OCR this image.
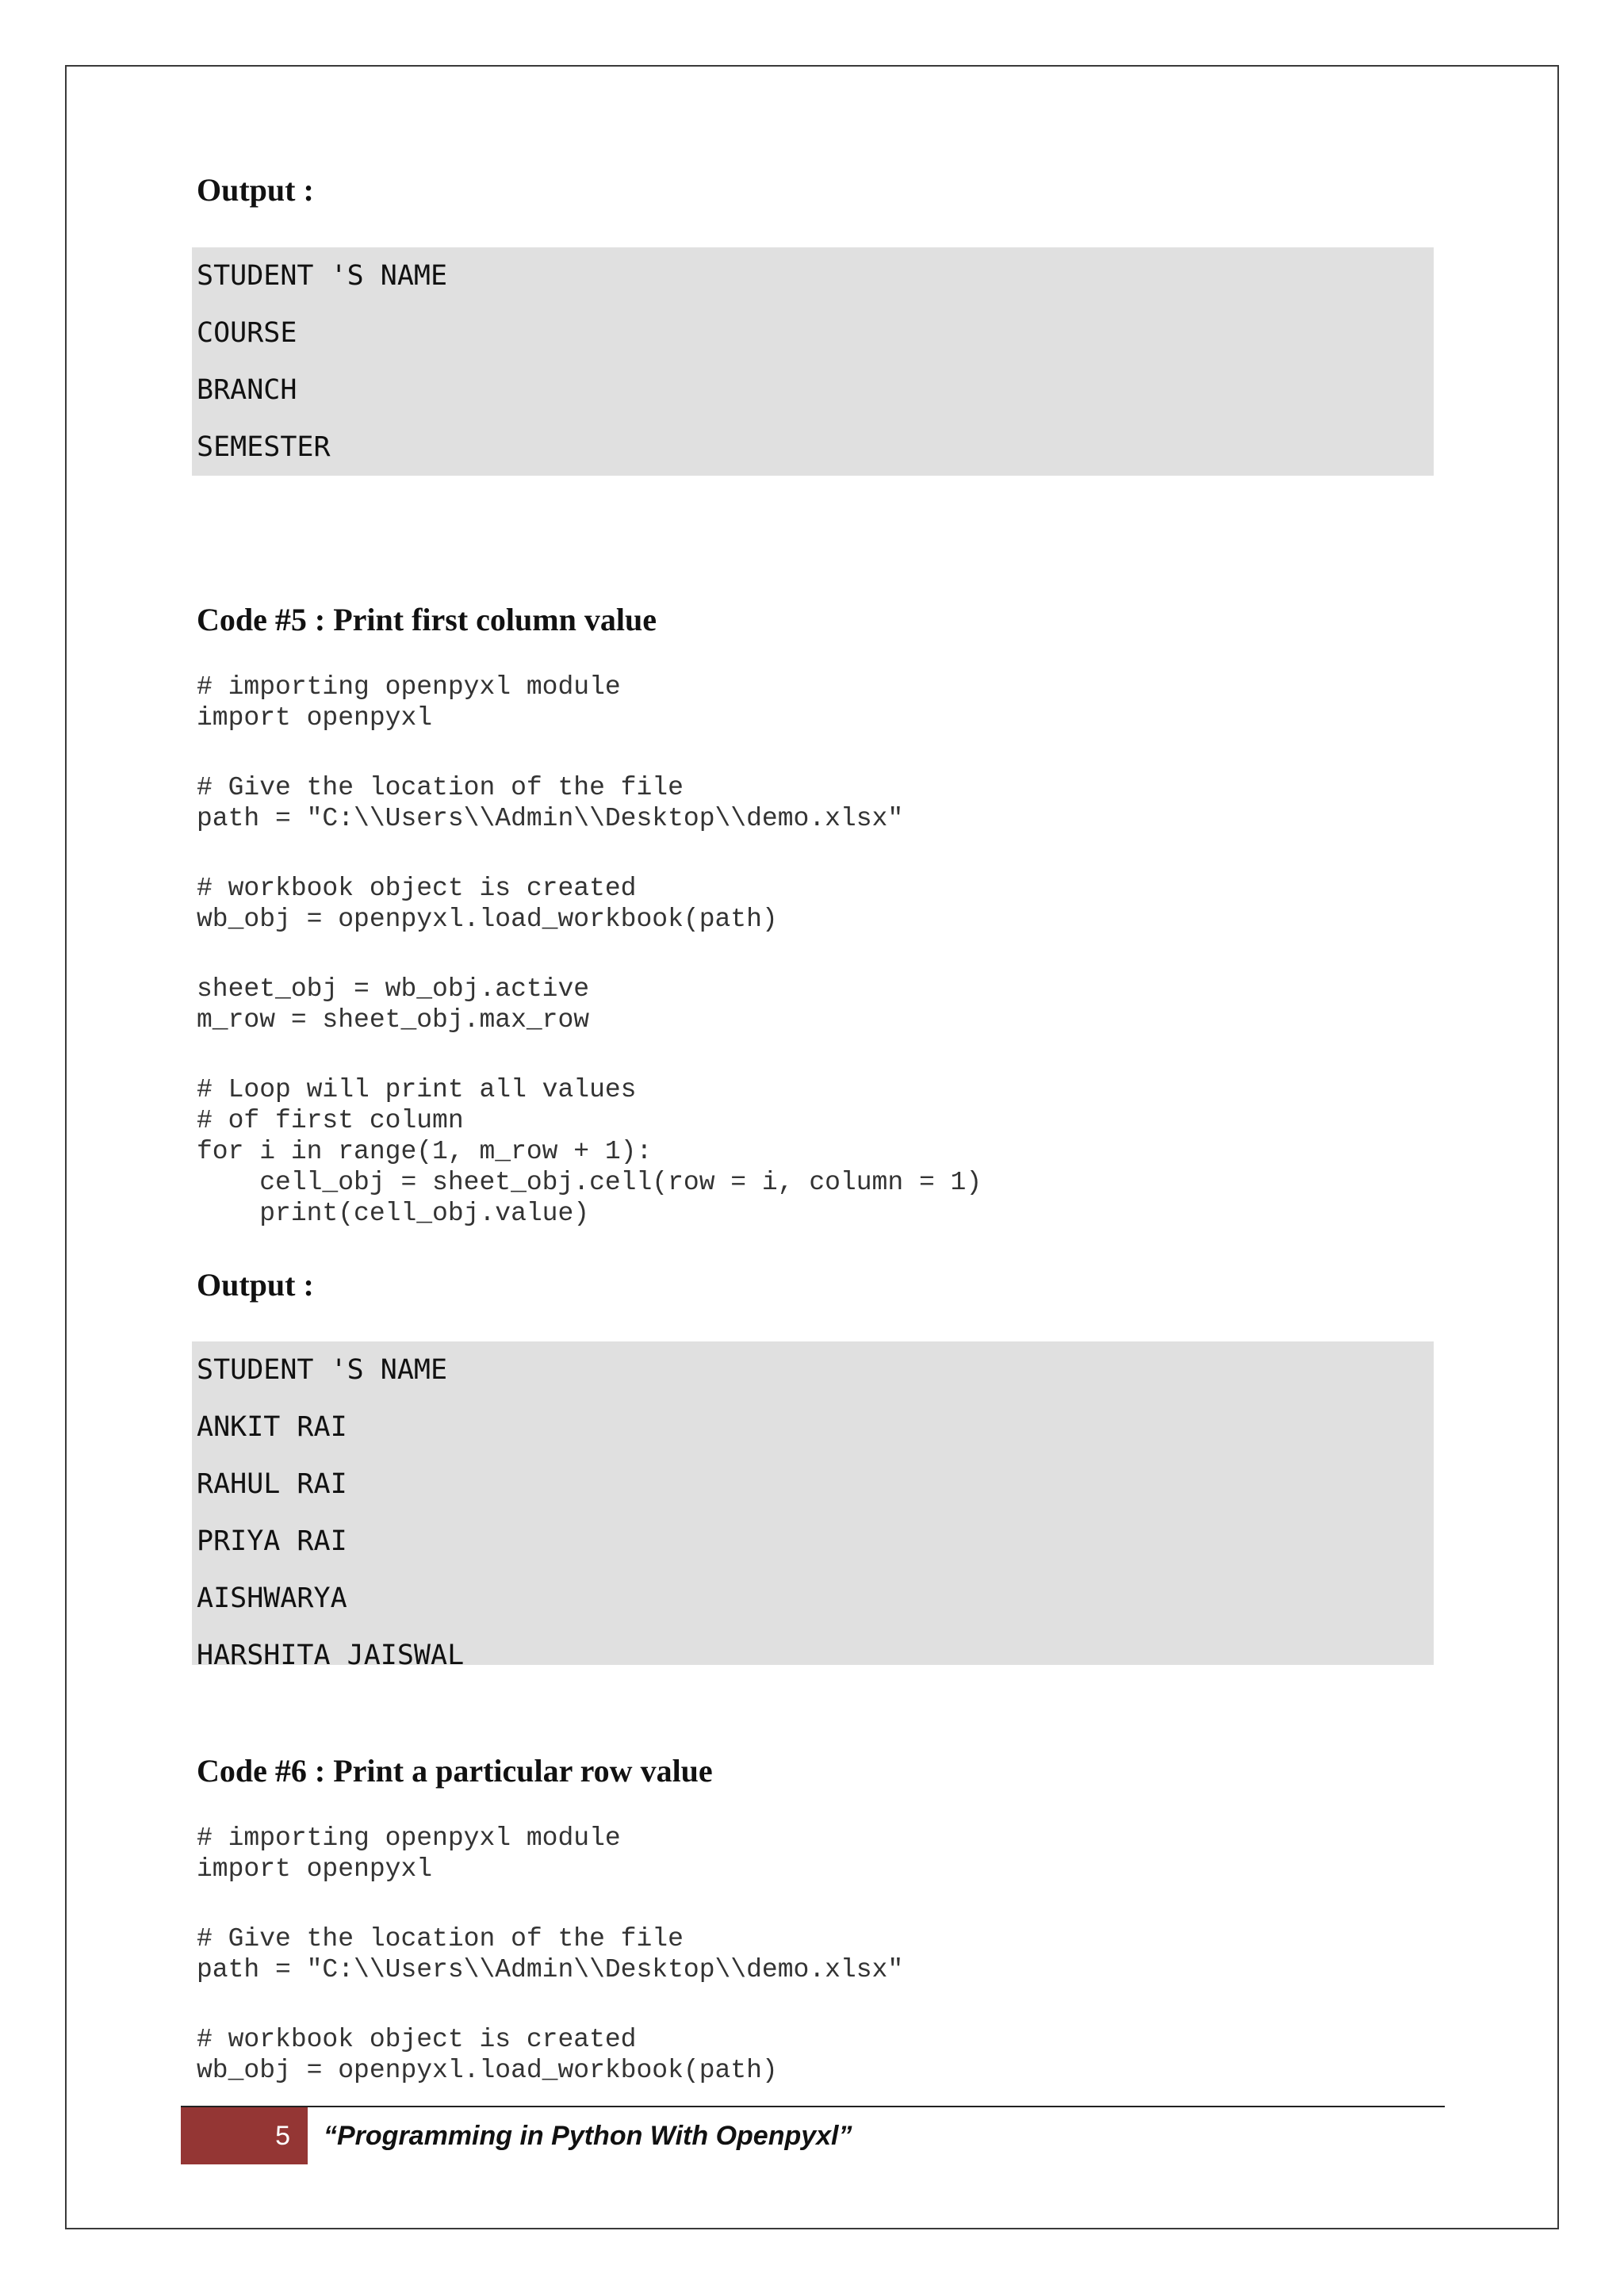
Output :
STUDENT 'S NAME
COURSE
BRANCH
SEMESTER
Code #5 : Print first column value
# importing openpyxl module
import openpyxl
# Give the location of the file
path = "C:\\Users\\Admin\\Desktop\\demo.xlsx"
# workbook object is created
wb_obj = openpyxl.load_workbook(path)
sheet_obj = wb_obj.active
m_row = sheet_obj.max_row
# Loop will print all values
# of first column
for i in range(1, m_row + 1):
cell_obj = sheet_obj.cell(row = i, column = 1)
print(cell_obj.value)
Output :
STUDENT 'S NAME
ANKIT RAI
RAHUL RAI
PRIYA RAI
AISHWARYA
HARSHITA JAISWAL
Code #6 : Print a particular row value
# importing openpyxl module
import openpyxl
# Give the location of the file
path = "C:\\Users\\Admin\\Desktop\\demo.xlsx"
# workbook object is created
wb_obj = openpyxl.load_workbook(path)
5	“Programming in Python With Openpyxl”
